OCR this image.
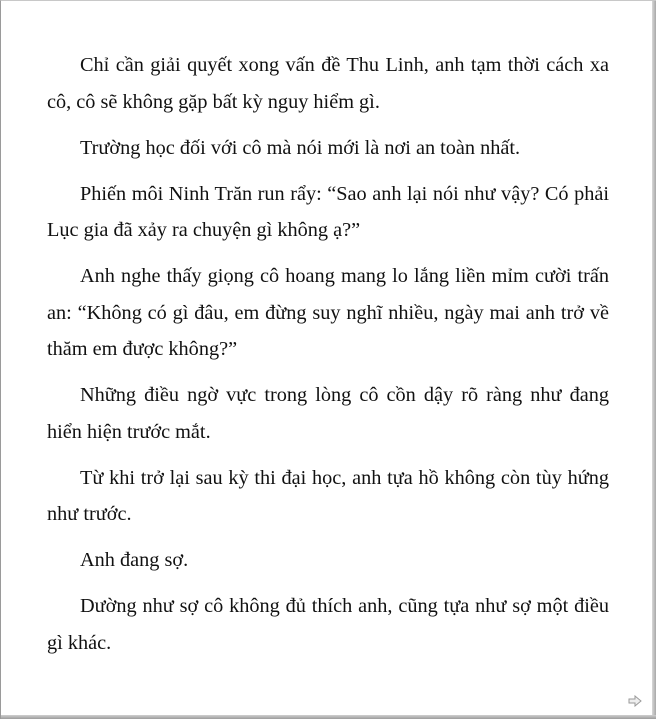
Chỉ cần giải quyết xong vấn đề Thu Linh, anh tạm thời cách xa cô, cô sẽ không gặp bất kỳ nguy hiểm gì.

Trường học đối với cô mà nói mới là nơi an toàn nhất.

Phiến môi Ninh Trăn run rẩy: “Sao anh lại nói như vậy? Có phải Lục gia đã xảy ra chuyện gì không ạ?”

Anh nghe thấy giọng cô hoang mang lo lắng liền mỉm cười trấn an: “Không có gì đâu, em đừng suy nghĩ nhiều, ngày mai anh trở về thăm em được không?”

Những điều ngờ vực trong lòng cô cồn dậy rõ ràng như đang hiển hiện trước mắt.

Từ khi trở lại sau kỳ thi đại học, anh tựa hồ không còn tùy hứng như trước.

Anh đang sợ.

Dường như sợ cô không đủ thích anh, cũng tựa như sợ một điều gì khác.
